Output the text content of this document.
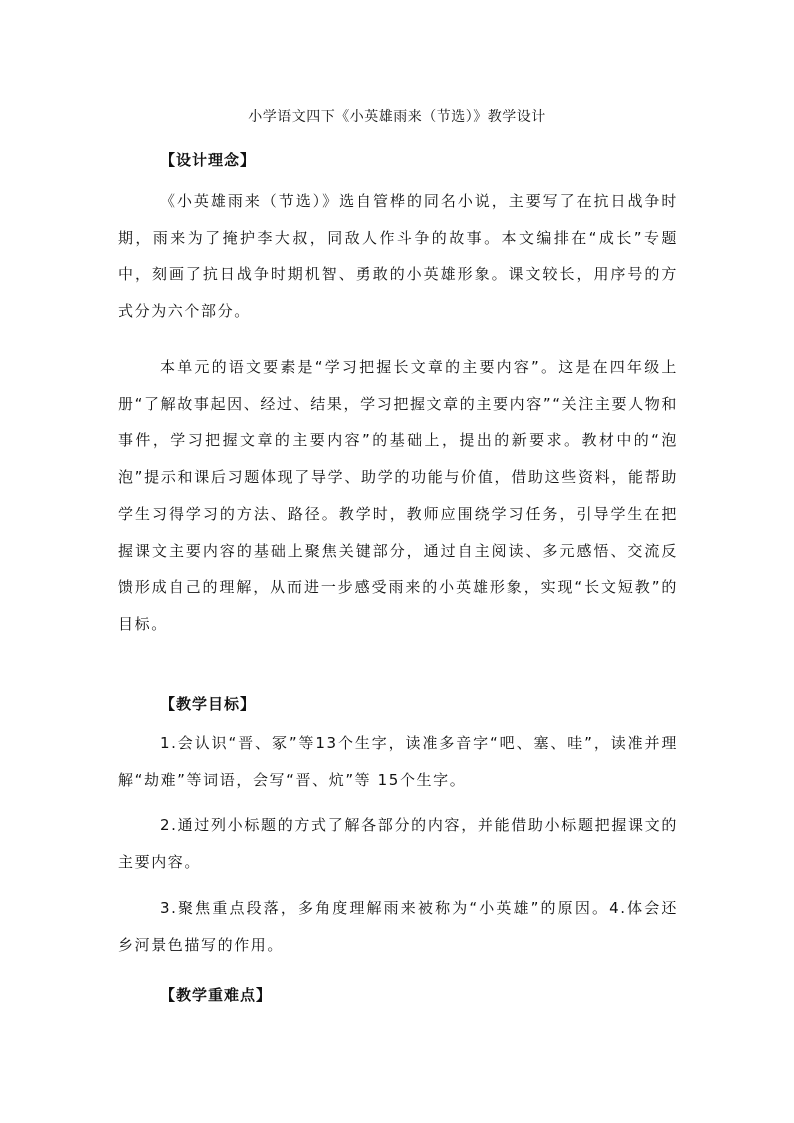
小学语文四下《小英雄雨来（节选）》教学设计
【设计理念】

《小英雄雨来（节选）》选自管桦的同名小说，主要写了在抗日战争时期，雨来为了掩护李大叔，同敌人作斗争的故事。本文编排在“成长”专题中，刻画了抗日战争时期机智、勇敢的小英雄形象。课文较长，用序号的方式分为六个部分。

本单元的语文要素是“学习把握长文章的主要内容”。这是在四年级上册“了解故事起因、经过、结果，学习把握文章的主要内容”“关注主要人物和事件，学习把握文章的主要内容”的基础上，提出的新要求。教材中的“泡泡”提示和课后习题体现了导学、助学的功能与价值，借助这些资料，能帮助学生习得学习的方法、路径。教学时，教师应围绕学习任务，引导学生在把握课文主要内容的基础上聚焦关键部分，通过自主阅读、多元感悟、交流反馈形成自己的理解，从而进一步感受雨来的小英雄形象，实现“长文短教”的目标。

【教学目标】

1.会认识“晋、冢”等13个生字，读准多音字“吧、塞、哇”，读准并理解“劫难”等词语，会写“晋、炕”等 15个生字。

2.通过列小标题的方式了解各部分的内容，并能借助小标题把握课文的主要内容。

3.聚焦重点段落，多角度理解雨来被称为“小英雄”的原因。4.体会还乡河景色描写的作用。

【教学重难点】
